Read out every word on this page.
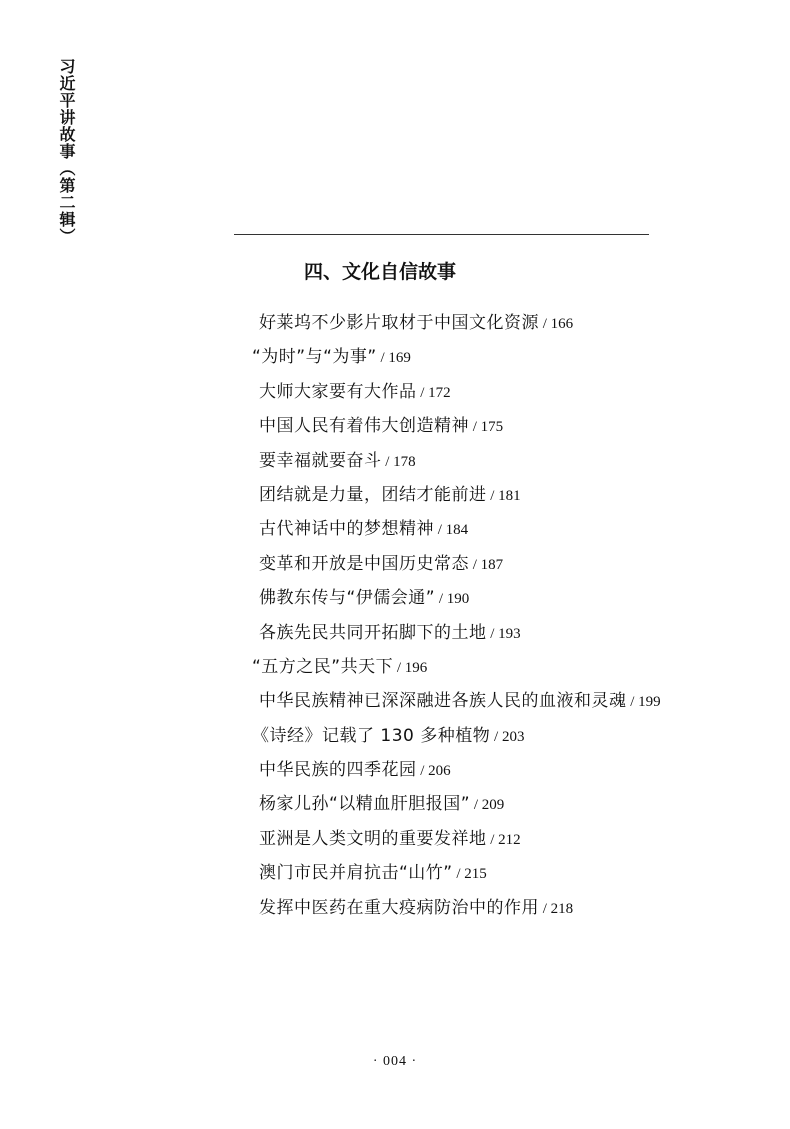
习近平讲故事（第二辑）
四、文化自信故事
好莱坞不少影片取材于中国文化资源 / 166
“为时”与“为事” / 169
大师大家要有大作品 / 172
中国人民有着伟大创造精神 / 175
要幸福就要奋斗 / 178
团结就是力量，团结才能前进 / 181
古代神话中的梦想精神 / 184
变革和开放是中国历史常态 / 187
佛教东传与“伊儒会通” / 190
各族先民共同开拓脚下的土地 / 193
“五方之民”共天下 / 196
中华民族精神已深深融进各族人民的血液和灵魂 / 199
《诗经》记载了 130 多种植物 / 203
中华民族的四季花园 / 206
杨家儿孙“以精血肝胆报国” / 209
亚洲是人类文明的重要发祥地 / 212
澳门市民并肩抗击“山竹” / 215
发挥中医药在重大疫病防治中的作用 / 218
· 004 ·
